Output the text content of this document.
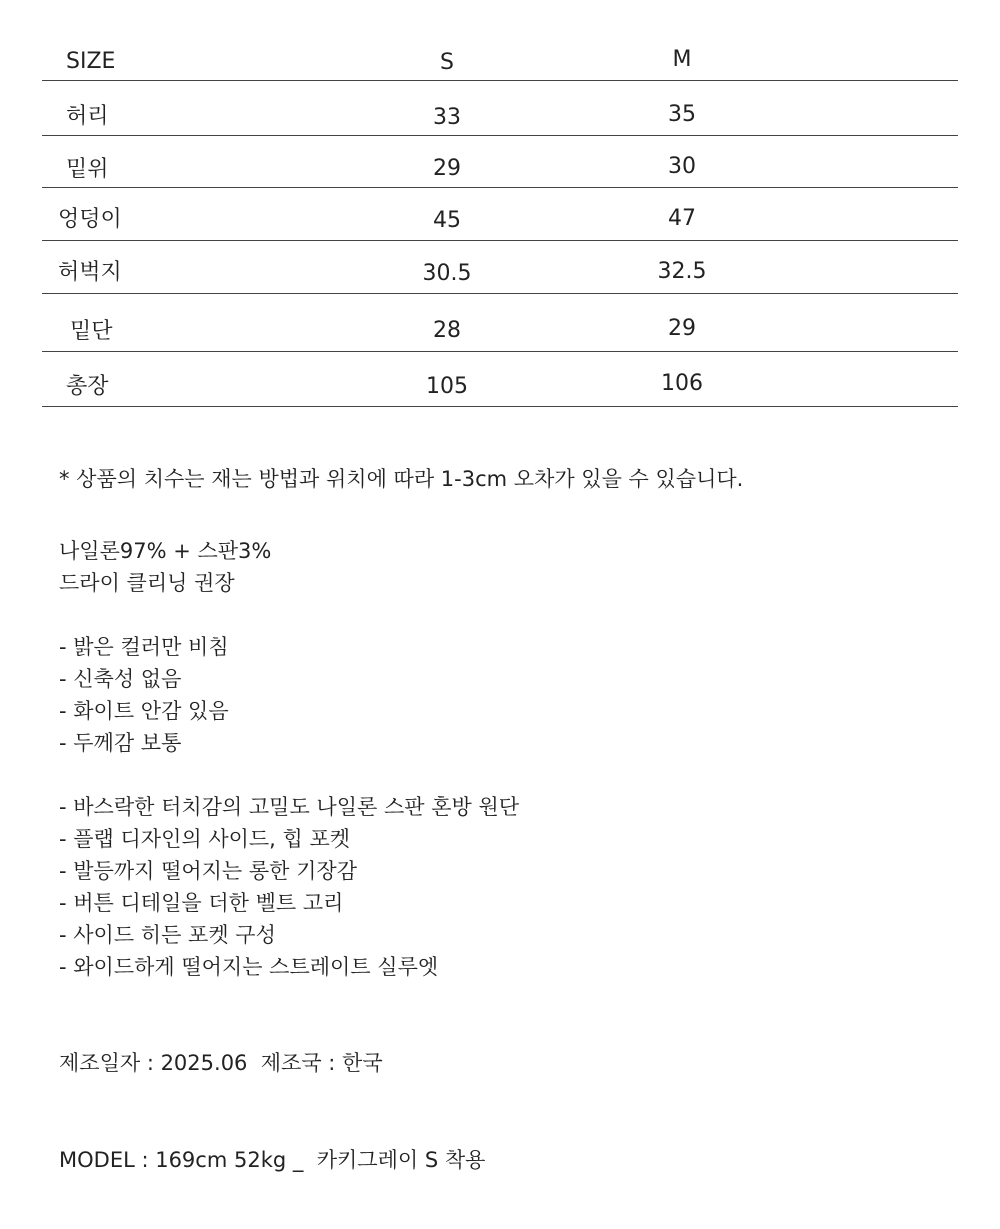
SIZE	S	M
허리	33	35
밑위	29	30
엉덩이	45	47
허벅지	30.5	32.5
밑단	28	29
총장	105	106
* 상품의 치수는 재는 방법과 위치에 따라 1-3cm 오차가 있을 수 있습니다.
나일론97% + 스판3%
드라이 클리닝 권장
- 밝은 컬러만 비침
- 신축성 없음
- 화이트 안감 있음
- 두께감 보통
- 바스락한 터치감의 고밀도 나일론 스판 혼방 원단
- 플랩 디자인의 사이드, 힙 포켓
- 발등까지 떨어지는 롱한 기장감
- 버튼 디테일을 더한 벨트 고리
- 사이드 히든 포켓 구성
- 와이드하게 떨어지는 스트레이트 실루엣
제조일자 : 2025.06  제조국 : 한국
MODEL : 169cm 52kg _  카키그레이 S 착용
